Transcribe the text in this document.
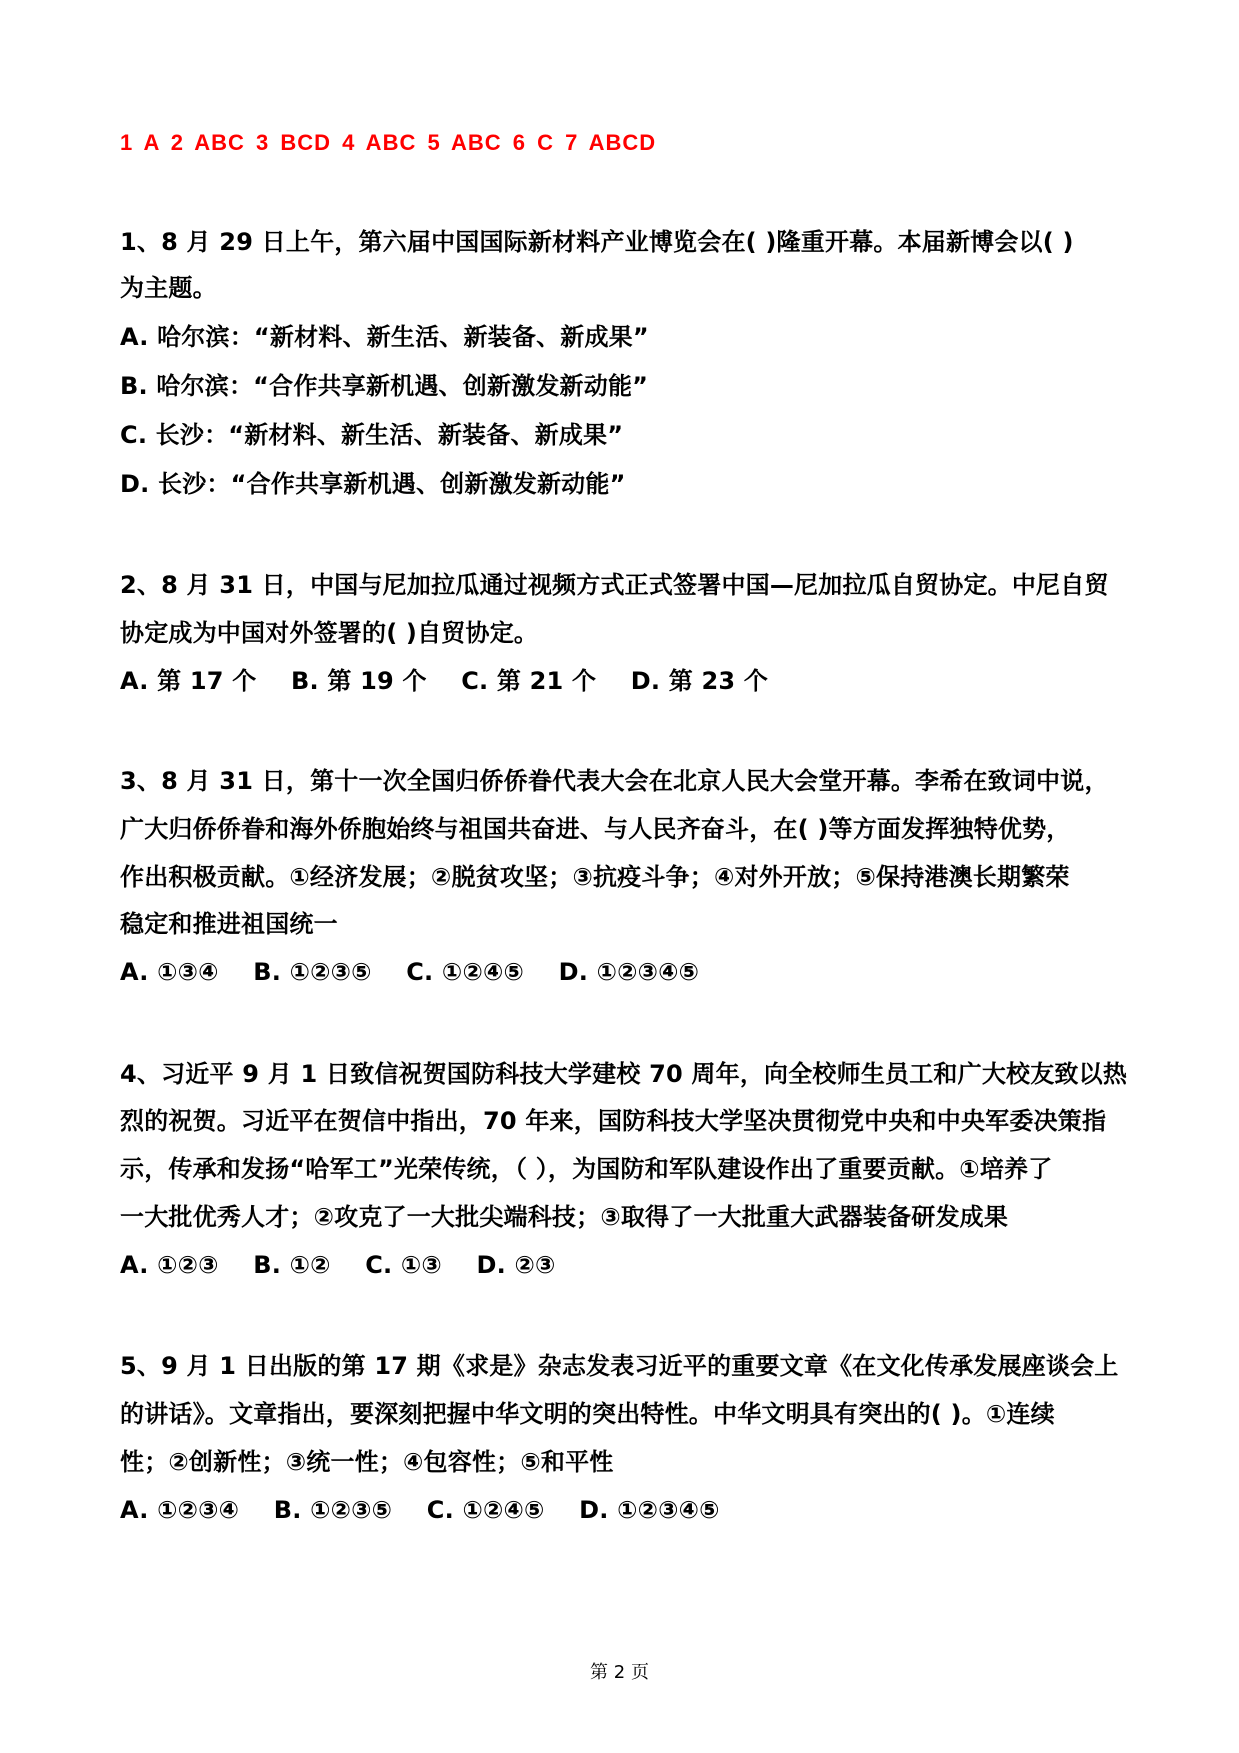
1 A 2 ABC 3 BCD 4 ABC 5 ABC 6 C 7 ABCD
1、8 月 29 日上午，第六届中国国际新材料产业博览会在( )隆重开幕。本届新博会以( )
为主题。
A. 哈尔滨：“新材料、新生活、新装备、新成果”
B. 哈尔滨：“合作共享新机遇、创新激发新动能”
C. 长沙：“新材料、新生活、新装备、新成果”
D. 长沙：“合作共享新机遇、创新激发新动能”
2、8 月 31 日，中国与尼加拉瓜通过视频方式正式签署中国—尼加拉瓜自贸协定。中尼自贸
协定成为中国对外签署的( )自贸协定。
A. 第 17 个 B. 第 19 个 C. 第 21 个 D. 第 23 个
3、8 月 31 日，第十一次全国归侨侨眷代表大会在北京人民大会堂开幕。李希在致词中说，
广大归侨侨眷和海外侨胞始终与祖国共奋进、与人民齐奋斗，在( )等方面发挥独特优势，
作出积极贡献。①经济发展；②脱贫攻坚；③抗疫斗争；④对外开放；⑤保持港澳长期繁荣
稳定和推进祖国统一
A. ①③④ B. ①②③⑤ C. ①②④⑤ D. ①②③④⑤
4、习近平 9 月 1 日致信祝贺国防科技大学建校 70 周年，向全校师生员工和广大校友致以热
烈的祝贺。习近平在贺信中指出，70 年来，国防科技大学坚决贯彻党中央和中央军委决策指
示，传承和发扬“哈军工”光荣传统，（ ），为国防和军队建设作出了重要贡献。①培养了
一大批优秀人才；②攻克了一大批尖端科技；③取得了一大批重大武器装备研发成果
A. ①②③ B. ①② C. ①③ D. ②③
5、9 月 1 日出版的第 17 期《求是》杂志发表习近平的重要文章《在文化传承发展座谈会上
的讲话》。文章指出，要深刻把握中华文明的突出特性。中华文明具有突出的( )。①连续
性；②创新性；③统一性；④包容性；⑤和平性
A. ①②③④ B. ①②③⑤ C. ①②④⑤ D. ①②③④⑤
第 2 页
